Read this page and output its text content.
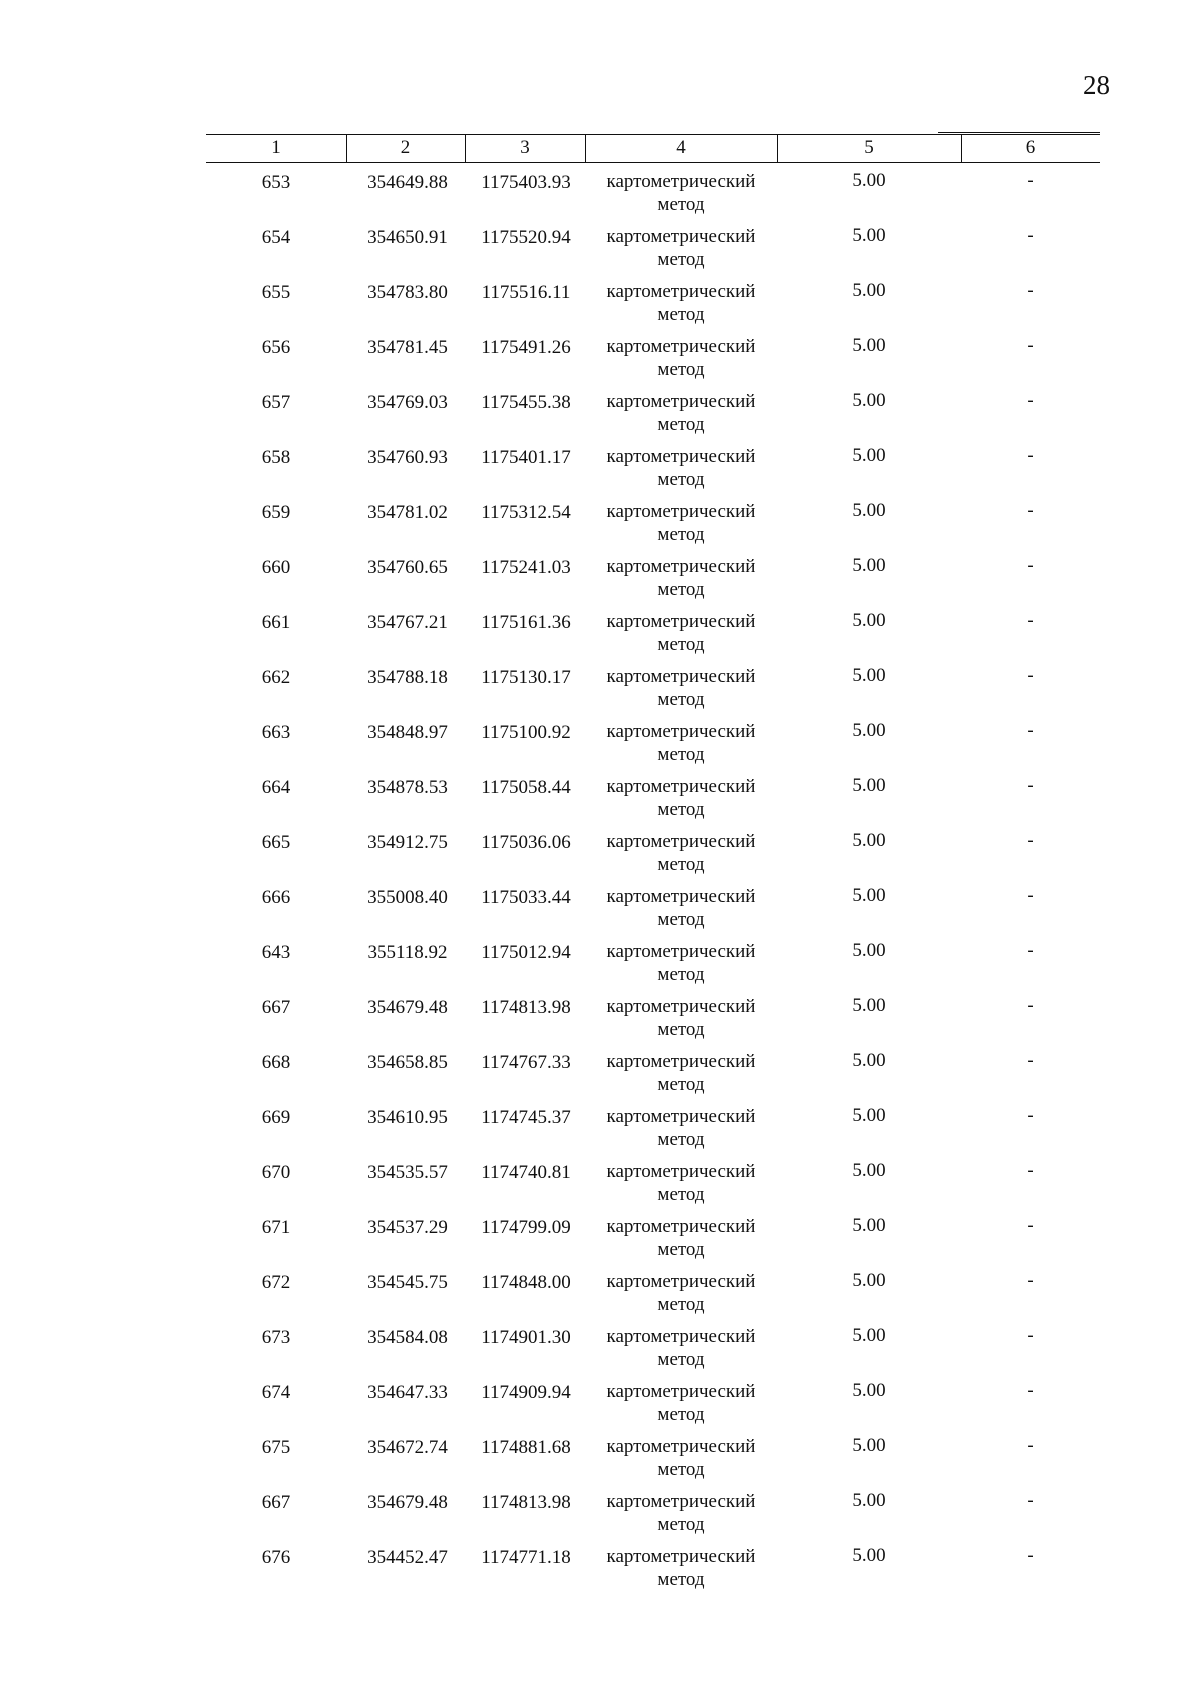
28
1	2	3	4	5	6
653	354649.88	1175403.93	картометрический
метод
5.00	-
654	354650.91	1175520.94	картометрический
метод
5.00	-
655	354783.80	1175516.11	картометрический
метод
5.00	-
656	354781.45	1175491.26	картометрический
метод
5.00	-
657	354769.03	1175455.38	картометрический
метод
5.00	-
658	354760.93	1175401.17	картометрический
метод
5.00	-
659	354781.02	1175312.54	картометрический
метод
5.00	-
660	354760.65	1175241.03	картометрический
метод
5.00	-
661	354767.21	1175161.36	картометрический
метод
5.00	-
662	354788.18	1175130.17	картометрический
метод
5.00	-
663	354848.97	1175100.92	картометрический
метод
5.00	-
664	354878.53	1175058.44	картометрический
метод
5.00	-
665	354912.75	1175036.06	картометрический
метод
5.00	-
666	355008.40	1175033.44	картометрический
метод
5.00	-
643	355118.92	1175012.94	картометрический
метод
5.00	-
667	354679.48	1174813.98	картометрический
метод
5.00	-
668	354658.85	1174767.33	картометрический
метод
5.00	-
669	354610.95	1174745.37	картометрический
метод
5.00	-
670	354535.57	1174740.81	картометрический
метод
5.00	-
671	354537.29	1174799.09	картометрический
метод
5.00	-
672	354545.75	1174848.00	картометрический
метод
5.00	-
673	354584.08	1174901.30	картометрический
метод
5.00	-
674	354647.33	1174909.94	картометрический
метод
5.00	-
675	354672.74	1174881.68	картометрический
метод
5.00	-
667	354679.48	1174813.98	картометрический
метод
5.00	-
676	354452.47	1174771.18	картометрический
метод
5.00	-
